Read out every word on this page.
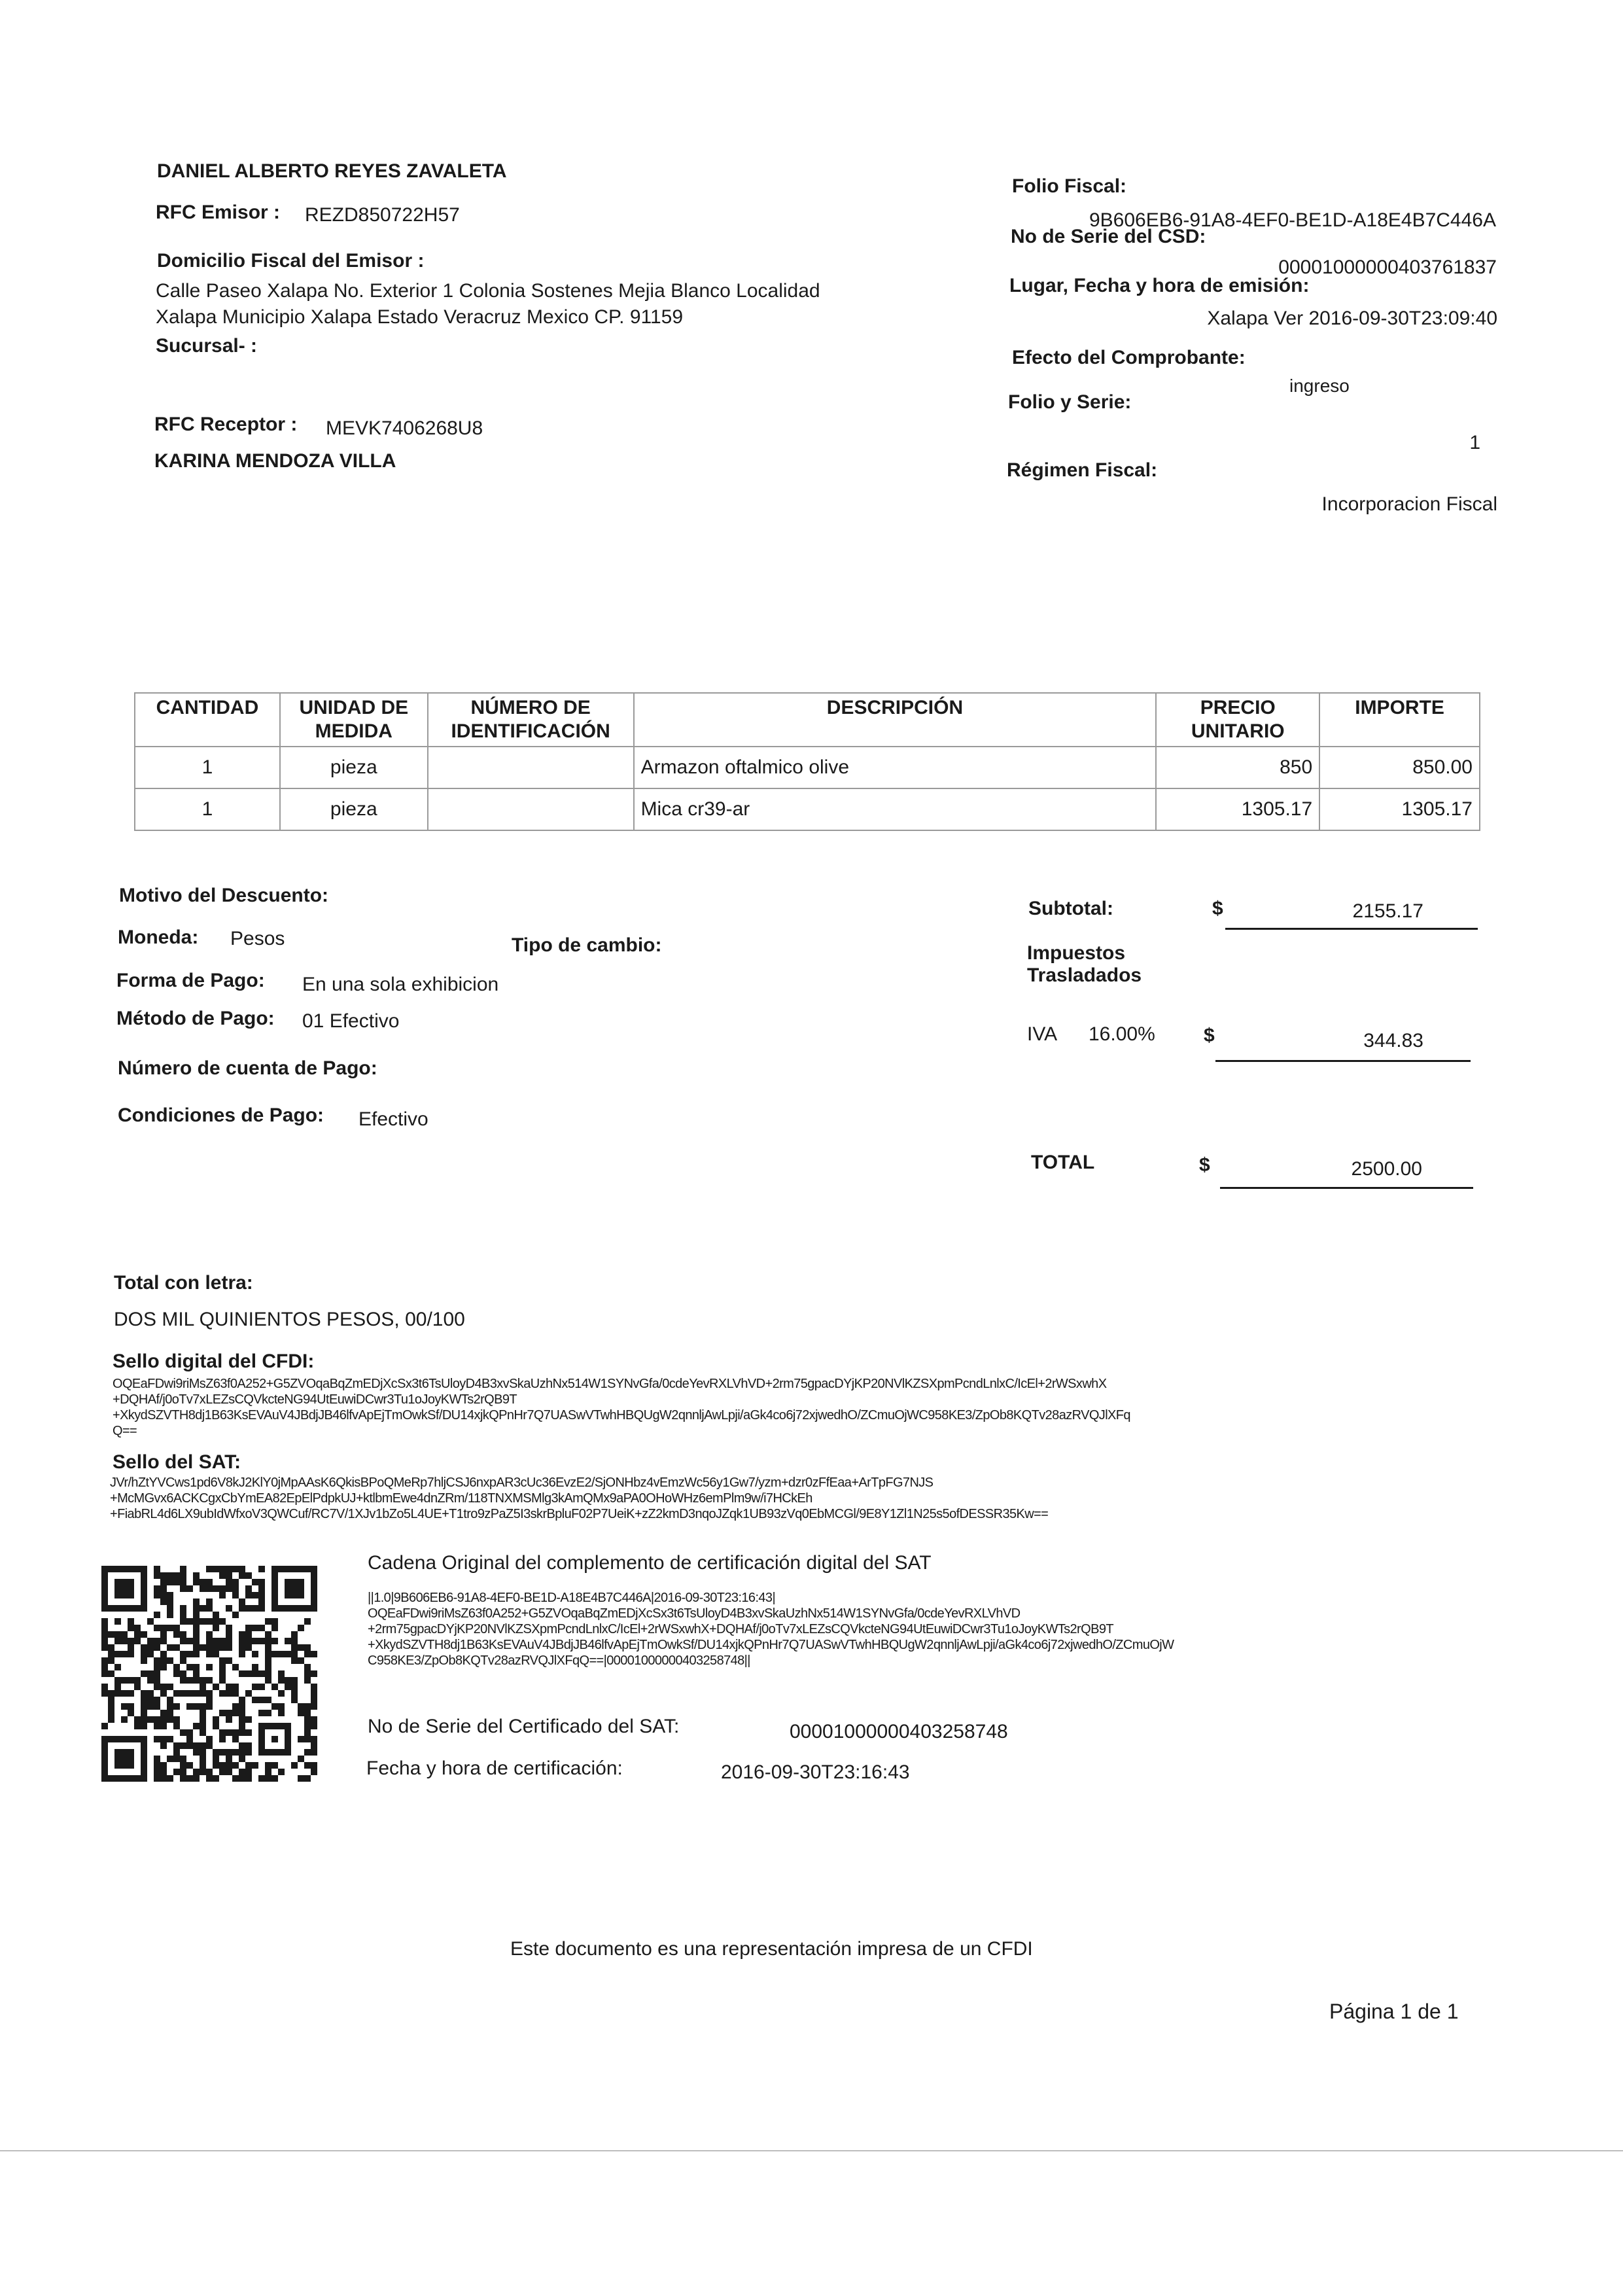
DANIEL ALBERTO REYES ZAVALETA
RFC Emisor : REZD850722H57
Domicilio Fiscal del Emisor :
Calle Paseo Xalapa No. Exterior 1 Colonia Sostenes Mejia Blanco Localidad
Xalapa Municipio Xalapa Estado Veracruz Mexico CP. 91159
Sucursal- :
RFC Receptor : MEVK7406268U8
KARINA MENDOZA VILLA
Folio Fiscal:
9B606EB6-91A8-4EF0-BE1D-A18E4B7C446A
No de Serie del CSD:
00001000000403761837
Lugar, Fecha y hora de emisión:
Xalapa Ver 2016-09-30T23:09:40
Efecto del Comprobante:
ingreso
Folio y Serie:
1
Régimen Fiscal:
Incorporacion Fiscal
CANTIDAD	UNIDAD DE MEDIDA	NÚMERO DE IDENTIFICACIÓN	DESCRIPCIÓN	PRECIO UNITARIO	IMPORTE
1	pieza		Armazon oftalmico olive	850	850.00
1	pieza		Mica cr39-ar	1305.17	1305.17
Motivo del Descuento:
Moneda: Pesos	Tipo de cambio:
Forma de Pago: En una sola exhibicion
Método de Pago: 01 Efectivo
Número de cuenta de Pago:
Condiciones de Pago: Efectivo
Subtotal:	$	2155.17
Impuestos
Trasladados
IVA 16.00% $	344.83
TOTAL	$	2500.00
Total con letra:
DOS MIL QUINIENTOS PESOS, 00/100
Sello digital del CFDI:
OQEaFDwi9riMsZ63f0A252+G5ZVOqaBqZmEDjXcSx3t6TsUloyD4B3xvSkaUzhNx514W1SYNvGfa/0cdeYevRXLVhVD+2rm75gpacDYjKP20NVlKZSXpmPcndLnlxC/IcEl+2rWSxwhX
+DQHAf/j0oTv7xLEZsCQVkcteNG94UtEuwiDCwr3Tu1oJoyKWTs2rQB9T
+XkydSZVTH8dj1B63KsEVAuV4JBdjJB46lfvApEjTmOwkSf/DU14xjkQPnHr7Q7UASwVTwhHBQUgW2qnnljAwLpji/aGk4co6j72xjwedhO/ZCmuOjWC958KE3/ZpOb8KQTv28azRVQJlXFq
Q==
Sello del SAT:
JVr/hZtYVCws1pd6V8kJ2KlY0jMpAAsK6QkisBPoQMeRp7hljCSJ6nxpAR3cUc36EvzE2/SjONHbz4vEmzWc56y1Gw7/yzm+dzr0zFfEaa+ArTpFG7NJS
+McMGvx6ACKCgxCbYmEA82EpElPdpkUJ+ktlbmEwe4dnZRm/118TNXMSMlg3kAmQMx9aPA0OHoWHz6emPlm9w/i7HCkEh
+FiabRL4d6LX9ubIdWfxoV3QWCuf/RC7V/1XJv1bZo5L4UE+T1tro9zPaZ5I3skrBpluF02P7UeiK+zZ2kmD3nqoJZqk1UB93zVq0EbMCGl/9E8Y1Zl1N25s5ofDESSR35Kw==
Cadena Original del complemento de certificación digital del SAT
||1.0|9B606EB6-91A8-4EF0-BE1D-A18E4B7C446A|2016-09-30T23:16:43|
OQEaFDwi9riMsZ63f0A252+G5ZVOqaBqZmEDjXcSx3t6TsUloyD4B3xvSkaUzhNx514W1SYNvGfa/0cdeYevRXLVhVD
+2rm75gpacDYjKP20NVlKZSXpmPcndLnlxC/IcEl+2rWSxwhX+DQHAf/j0oTv7xLEZsCQVkcteNG94UtEuwiDCwr3Tu1oJoyKWTs2rQB9T
+XkydSZVTH8dj1B63KsEVAuV4JBdjJB46lfvApEjTmOwkSf/DU14xjkQPnHr7Q7UASwVTwhHBQUgW2qnnljAwLpji/aGk4co6j72xjwedhO/ZCmuOjW
C958KE3/ZpOb8KQTv28azRVQJlXFqQ==|00001000000403258748||
No de Serie del Certificado del SAT:	00001000000403258748
Fecha y hora de certificación:	2016-09-30T23:16:43
Este documento es una representación impresa de un CFDI
Página 1 de 1
